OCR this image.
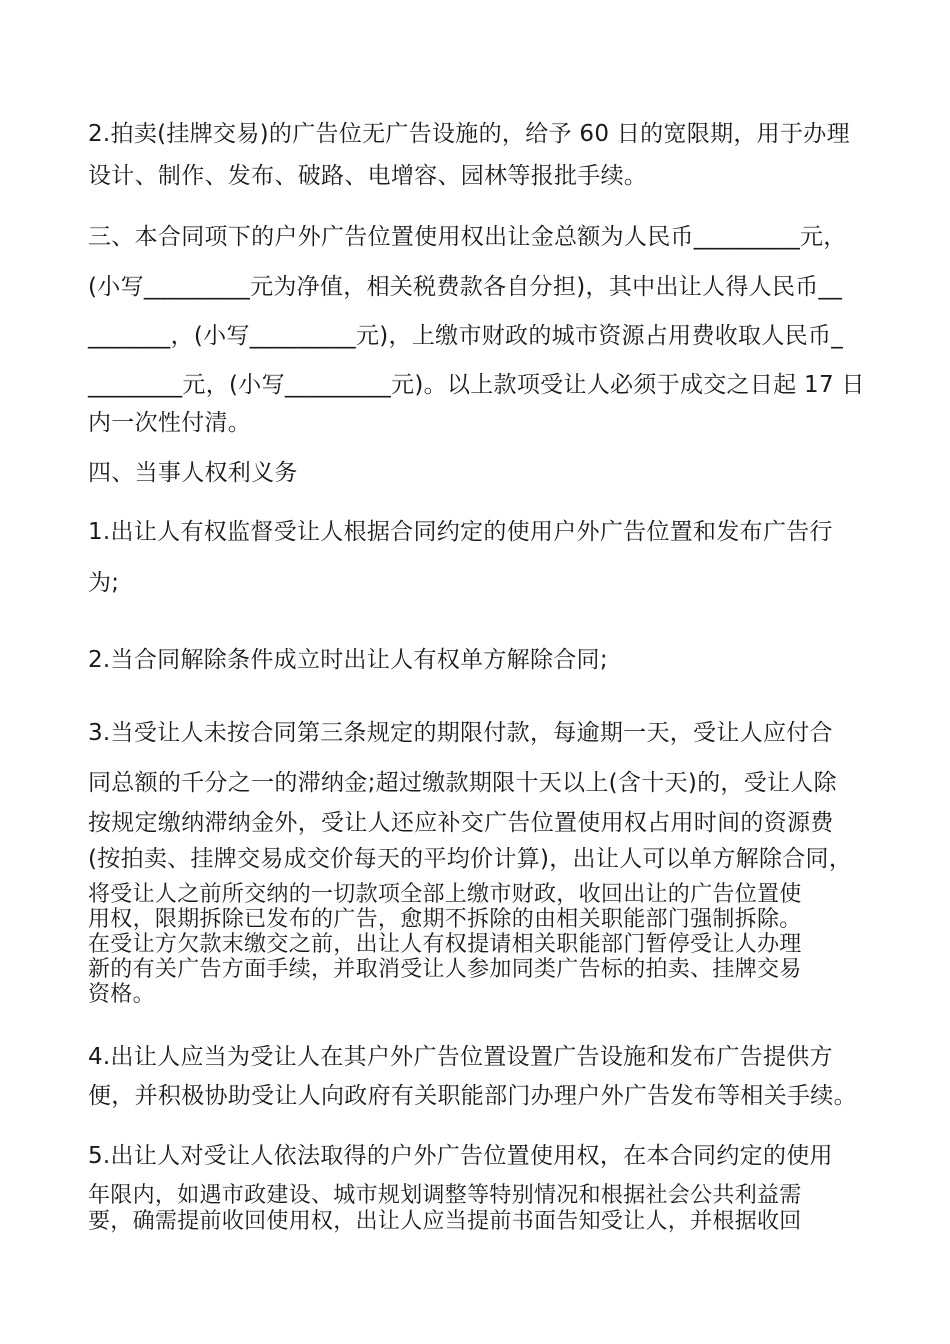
2.拍卖(挂牌交易)的广告位无广告设施的，给予 60 日的宽限期，用于办理
设计、制作、发布、破路、电增容、园林等报批手续。
三、本合同项下的户外广告位置使用权出让金总额为人民币_________元，
(小写_________元为净值，相关税费款各自分担)，其中出让人得人民币__
_______，(小写_________元)，上缴市财政的城市资源占用费收取人民币_
________元，(小写_________元)。以上款项受让人必须于成交之日起 17 日
内一次性付清。
四、当事人权利义务
1.出让人有权监督受让人根据合同约定的使用户外广告位置和发布广告行
为;
2.当合同解除条件成立时出让人有权单方解除合同;
3.当受让人未按合同第三条规定的期限付款，每逾期一天，受让人应付合
同总额的千分之一的滞纳金;超过缴款期限十天以上(含十天)的，受让人除
按规定缴纳滞纳金外，受让人还应补交广告位置使用权占用时间的资源费
(按拍卖、挂牌交易成交价每天的平均价计算)，出让人可以单方解除合同，
将受让人之前所交纳的一切款项全部上缴市财政，收回出让的广告位置使
用权，限期拆除已发布的广告，愈期不拆除的由相关职能部门强制拆除。
在受让方欠款末缴交之前，出让人有权提请相关职能部门暂停受让人办理
新的有关广告方面手续，并取消受让人参加同类广告标的拍卖、挂牌交易
资格。
4.出让人应当为受让人在其户外广告位置设置广告设施和发布广告提供方
便，并积极协助受让人向政府有关职能部门办理户外广告发布等相关手续。
5.出让人对受让人依法取得的户外广告位置使用权，在本合同约定的使用
年限内，如遇市政建设、城市规划调整等特别情况和根据社会公共利益需
要，确需提前收回使用权，出让人应当提前书面告知受让人，并根据收回
